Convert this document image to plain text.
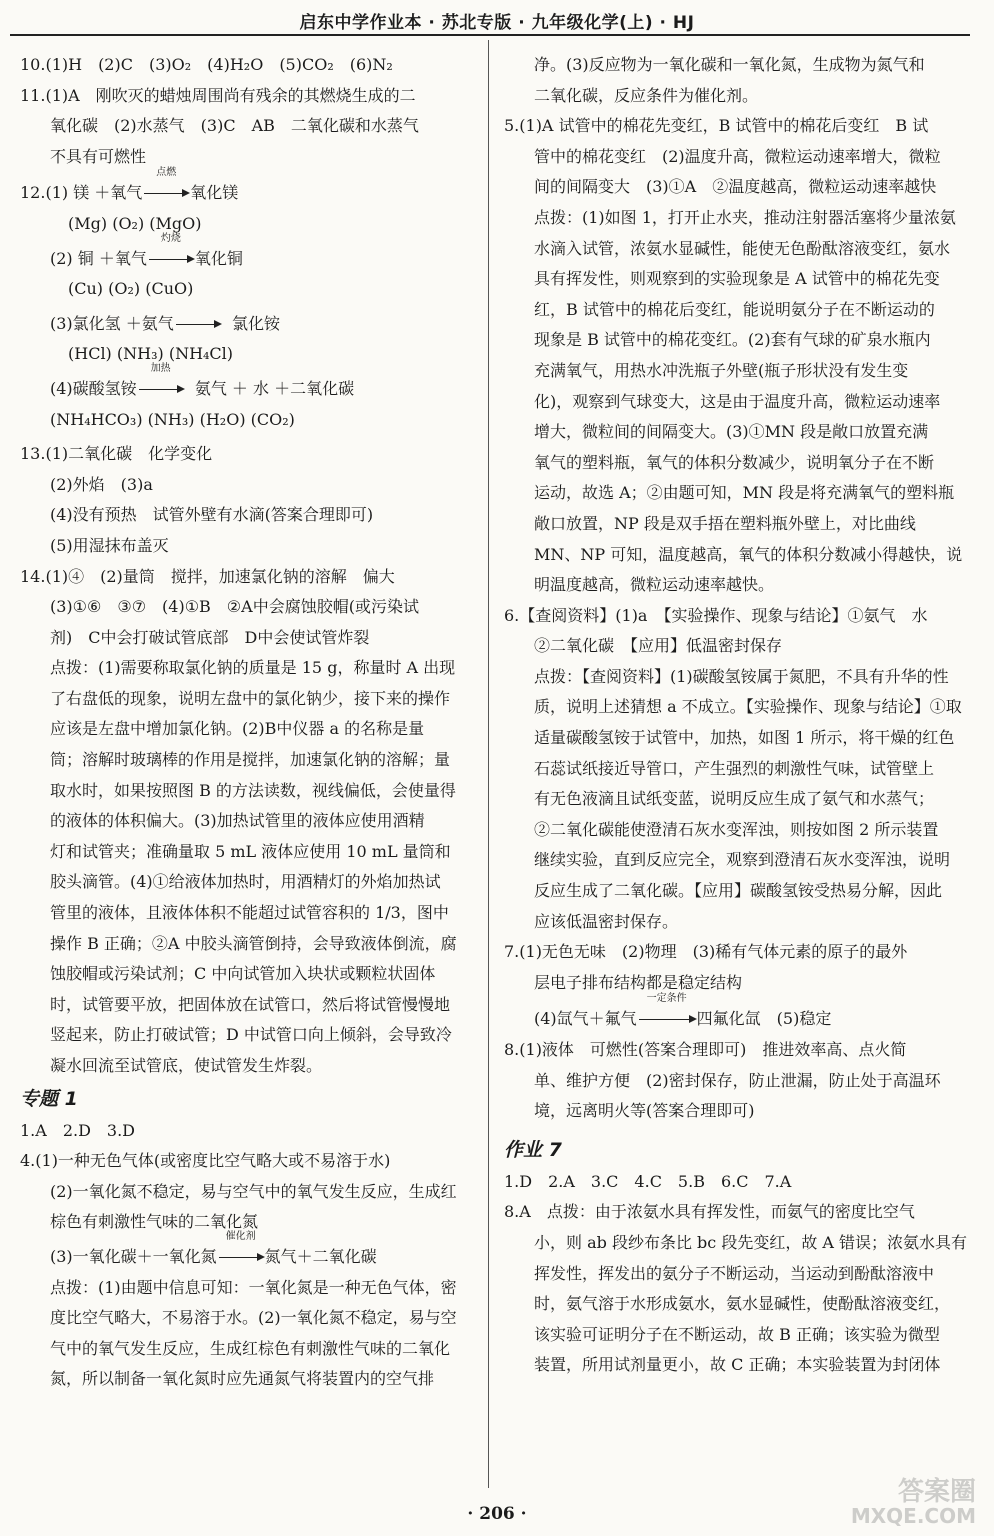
启东中学作业本 · 苏北专版 · 九年级化学(上) · HJ
10.(1)H　(2)C　(3)O₂　(4)H₂O　(5)CO₂　(6)N₂
11.(1)A　刚吹灭的蜡烛周围尚有残余的其燃烧生成的二
氧化碳　(2)水蒸气　(3)C　AB　二氧化碳和水蒸气
不具有可燃性
12.(1) 镁 ＋氧气
点燃
氧化镁
(Mg) (O₂) (MgO)
(2) 铜 ＋氧气
灼烧
氧化铜
(Cu) (O₂) (CuO)
(3)氯化氢 ＋氨气→ 氯化铵
(HCl) (NH₃) (NH₄Cl)
(4)碳酸氢铵
加热
氨气 ＋ 水 ＋二氧化碳
(NH₄HCO₃) (NH₃) (H₂O) (CO₂)
13.(1)二氧化碳　化学变化
(2)外焰　(3)a
(4)没有预热　试管外壁有水滴(答案合理即可)
(5)用湿抹布盖灭
14.(1)④　(2)量筒　搅拌，加速氯化钠的溶解　偏大
(3)①⑥　③⑦　(4)①B　②A中会腐蚀胶帽(或污染试
剂)　C中会打破试管底部　D中会使试管炸裂
点拨：(1)需要称取氯化钠的质量是 15 g，称量时 A 出现
了右盘低的现象，说明左盘中的氯化钠少，接下来的操作
应该是左盘中增加氯化钠。(2)B中仪器 a 的名称是量
筒；溶解时玻璃棒的作用是搅拌，加速氯化钠的溶解；量
取水时，如果按照图 B 的方法读数，视线偏低，会使量得
的液体的体积偏大。(3)加热试管里的液体应使用酒精
灯和试管夹；准确量取 5 mL 液体应使用 10 mL 量筒和
胶头滴管。(4)①给液体加热时，用酒精灯的外焰加热试
管里的液体，且液体体积不能超过试管容积的 1/3，图中
操作 B 正确；②A 中胶头滴管倒持，会导致液体倒流，腐
蚀胶帽或污染试剂；C 中向试管加入块状或颗粒状固体
时，试管要平放，把固体放在试管口，然后将试管慢慢地
竖起来，防止打破试管；D 中试管口向上倾斜，会导致冷
凝水回流至试管底，使试管发生炸裂。
专题 1
1.A　2.D　3.D
4.(1)一种无色气体(或密度比空气略大或不易溶于水)
(2)一氧化氮不稳定，易与空气中的氧气发生反应，生成红
棕色有刺激性气味的二氧化氮
(3)一氧化碳＋一氧化氮
催化剂
氮气＋二氧化碳
点拨：(1)由题中信息可知：一氧化氮是一种无色气体，密
度比空气略大，不易溶于水。(2)一氧化氮不稳定，易与空
气中的氧气发生反应，生成红棕色有刺激性气味的二氧化
氮，所以制备一氧化氮时应先通氮气将装置内的空气排
净。(3)反应物为一氧化碳和一氧化氮，生成物为氮气和
二氧化碳，反应条件为催化剂。
5.(1)A 试管中的棉花先变红，B 试管中的棉花后变红　B 试
管中的棉花变红　(2)温度升高，微粒运动速率增大，微粒
间的间隔变大　(3)①A　②温度越高，微粒运动速率越快
点拨：(1)如图 1，打开止水夹，推动注射器活塞将少量浓氨
水滴入试管，浓氨水显碱性，能使无色酚酞溶液变红，氨水
具有挥发性，则观察到的实验现象是 A 试管中的棉花先变
红，B 试管中的棉花后变红，能说明氨分子在不断运动的
现象是 B 试管中的棉花变红。(2)套有气球的矿泉水瓶内
充满氧气，用热水冲洗瓶子外壁(瓶子形状没有发生变
化)，观察到气球变大，这是由于温度升高，微粒运动速率
增大，微粒间的间隔变大。(3)①MN 段是敞口放置充满
氧气的塑料瓶，氧气的体积分数减少，说明氧分子在不断
运动，故选 A；②由题可知，MN 段是将充满氧气的塑料瓶
敞口放置，NP 段是双手捂在塑料瓶外壁上，对比曲线
MN、NP 可知，温度越高，氧气的体积分数减小得越快，说
明温度越高，微粒运动速率越快。
6.【查阅资料】(1)a　【实验操作、现象与结论】①氨气　水
②二氧化碳　【应用】低温密封保存
点拨：【查阅资料】(1)碳酸氢铵属于氮肥，不具有升华的性
质，说明上述猜想 a 不成立。【实验操作、现象与结论】①取
适量碳酸氢铵于试管中，加热，如图 1 所示，将干燥的红色
石蕊试纸接近导管口，产生强烈的刺激性气味，试管壁上
有无色液滴且试纸变蓝，说明反应生成了氨气和水蒸气；
②二氧化碳能使澄清石灰水变浑浊，则按如图 2 所示装置
继续实验，直到反应完全，观察到澄清石灰水变浑浊，说明
反应生成了二氧化碳。【应用】碳酸氢铵受热易分解，因此
应该低温密封保存。
7.(1)无色无味　(2)物理　(3)稀有气体元素的原子的最外
层电子排布结构都是稳定结构
(4)氙气＋氟气
一定条件
四氟化氙　(5)稳定
8.(1)液体　可燃性(答案合理即可)　推进效率高、点火简
单、维护方便　(2)密封保存，防止泄漏，防止处于高温环
境，远离明火等(答案合理即可)
作业 7
1.D　2.A　3.C　4.C　5.B　6.C　7.A
8.A　点拨：由于浓氨水具有挥发性，而氨气的密度比空气
小，则 ab 段纱布条比 bc 段先变红，故 A 错误；浓氨水具有
挥发性，挥发出的氨分子不断运动，当运动到酚酞溶液中
时，氨气溶于水形成氨水，氨水显碱性，使酚酞溶液变红，
该实验可证明分子在不断运动，故 B 正确；该实验为微型
装置，所用试剂量更小，故 C 正确；本实验装置为封闭体
· 206 ·
答案圈
MXQE.COM
